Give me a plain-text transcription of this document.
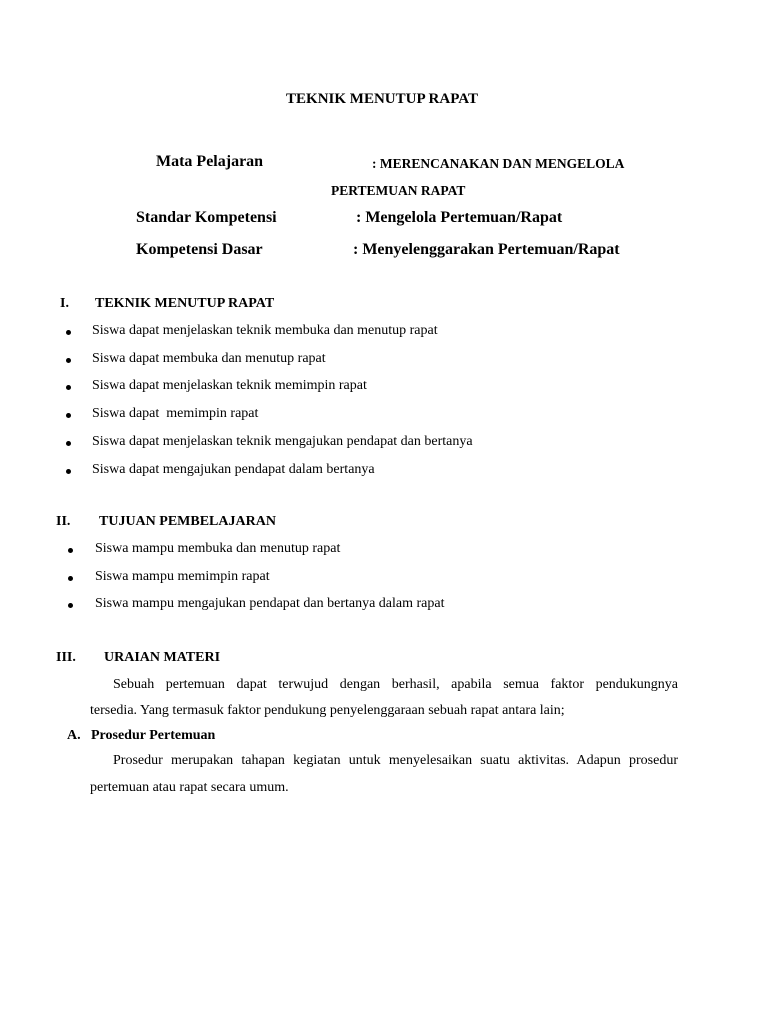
TEKNIK MENUTUP RAPAT
Mata Pelajaran	: MERENCANAKAN DAN MENGELOLA
PERTEMUAN RAPAT
Standar Kompetensi	: Mengelola Pertemuan/Rapat
Kompetensi Dasar	: Menyelenggarakan Pertemuan/Rapat
I. TEKNIK MENUTUP RAPAT
Siswa dapat menjelaskan teknik membuka dan menutup rapat
Siswa dapat membuka dan menutup rapat
Siswa dapat menjelaskan teknik memimpin rapat
Siswa dapat  memimpin rapat
Siswa dapat menjelaskan teknik mengajukan pendapat dan bertanya
Siswa dapat mengajukan pendapat dalam bertanya
II. TUJUAN PEMBELAJARAN
Siswa mampu membuka dan menutup rapat
Siswa mampu memimpin rapat
Siswa mampu mengajukan pendapat dan bertanya dalam rapat
III. URAIAN MATERI
Sebuah pertemuan dapat terwujud dengan berhasil, apabila semua faktor pendukungnya
tersedia. Yang termasuk faktor pendukung penyelenggaraan sebuah rapat antara lain;
A. Prosedur Pertemuan
Prosedur merupakan tahapan kegiatan untuk menyelesaikan suatu aktivitas. Adapun prosedur
pertemuan atau rapat secara umum.
